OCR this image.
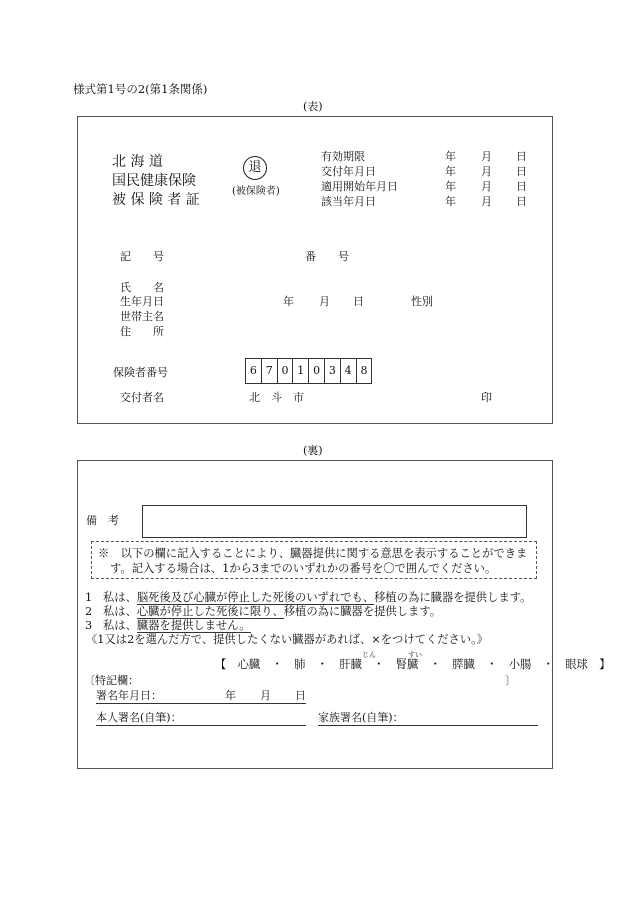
様式第1号の2(第1条関係)
(表)
北 海 道
国民健康保険
被 保 険 者 証
退
(被保険者)
有効期限	年 月 日
交付年月日	年 月 日
適用開始年月日	年 月 日
該当年月日	年 月 日
記　　号	番　　号
氏　　名
生年月日	年 月 日	性別
世帯主名
住　　所
保険者番号	6 7 0 1 0 3 4 8
交付者名	北　斗　市	印
(裏)
備　考
※　以下の欄に記入することにより、臓器提供に関する意思を表示することができま
す。記入する場合は、1から3までのいずれかの番号を〇で囲んでください。
1 私は、脳死後及び心臓が停止した死後のいずれでも、移植の為に臓器を提供します。
2 私は、心臓が停止した死後に限り、移植の為に臓器を提供します。
3 私は、臓器を提供しません。
《1又は2を選んだ方で、提供したくない臓器があれば、×をつけてください。》
じん	すい
【　心臓　・　肺　・　肝臓　・　腎臓　・　膵臓　・　小腸　・　眼球　】
〔特記欄：	〕
署名年月日：	年 月 日
本人署名(自筆)：	家族署名(自筆)：
